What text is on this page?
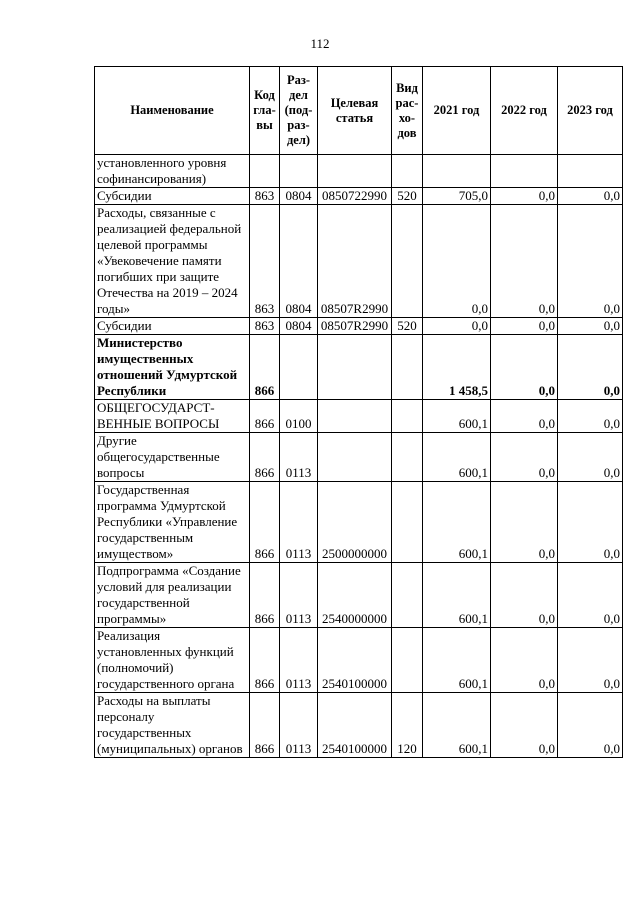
112
Наименование	Код гла- вы	Раз- дел (под- раз- дел)	Целевая статья	Вид рас- хо- дов	2021 год	2022 год	2023 год
установленного уровня софинансирования)							
Субсидии	863	0804	0850722990	520	705,0	0,0	0,0
Расходы, связанные с реализацией федеральной целевой программы «Увековечение памяти погибших при защите Отечества на 2019 – 2024 годы»	863	0804	08507R2990		0,0	0,0	0,0
Субсидии	863	0804	08507R2990	520	0,0	0,0	0,0
Министерство имущественных отношений Удмуртской Республики	866				1 458,5	0,0	0,0
ОБЩЕГОСУДАРСТ-ВЕННЫЕ ВОПРОСЫ	866	0100			600,1	0,0	0,0
Другие общегосударственные вопросы	866	0113			600,1	0,0	0,0
Государственная программа Удмуртской Республики «Управление государственным имуществом»	866	0113	2500000000		600,1	0,0	0,0
Подпрограмма «Создание условий для реализации государственной программы»	866	0113	2540000000		600,1	0,0	0,0
Реализация установленных функций (полномочий) государственного органа	866	0113	2540100000		600,1	0,0	0,0
Расходы на выплаты персоналу государственных (муниципальных) органов	866	0113	2540100000	120	600,1	0,0	0,0
